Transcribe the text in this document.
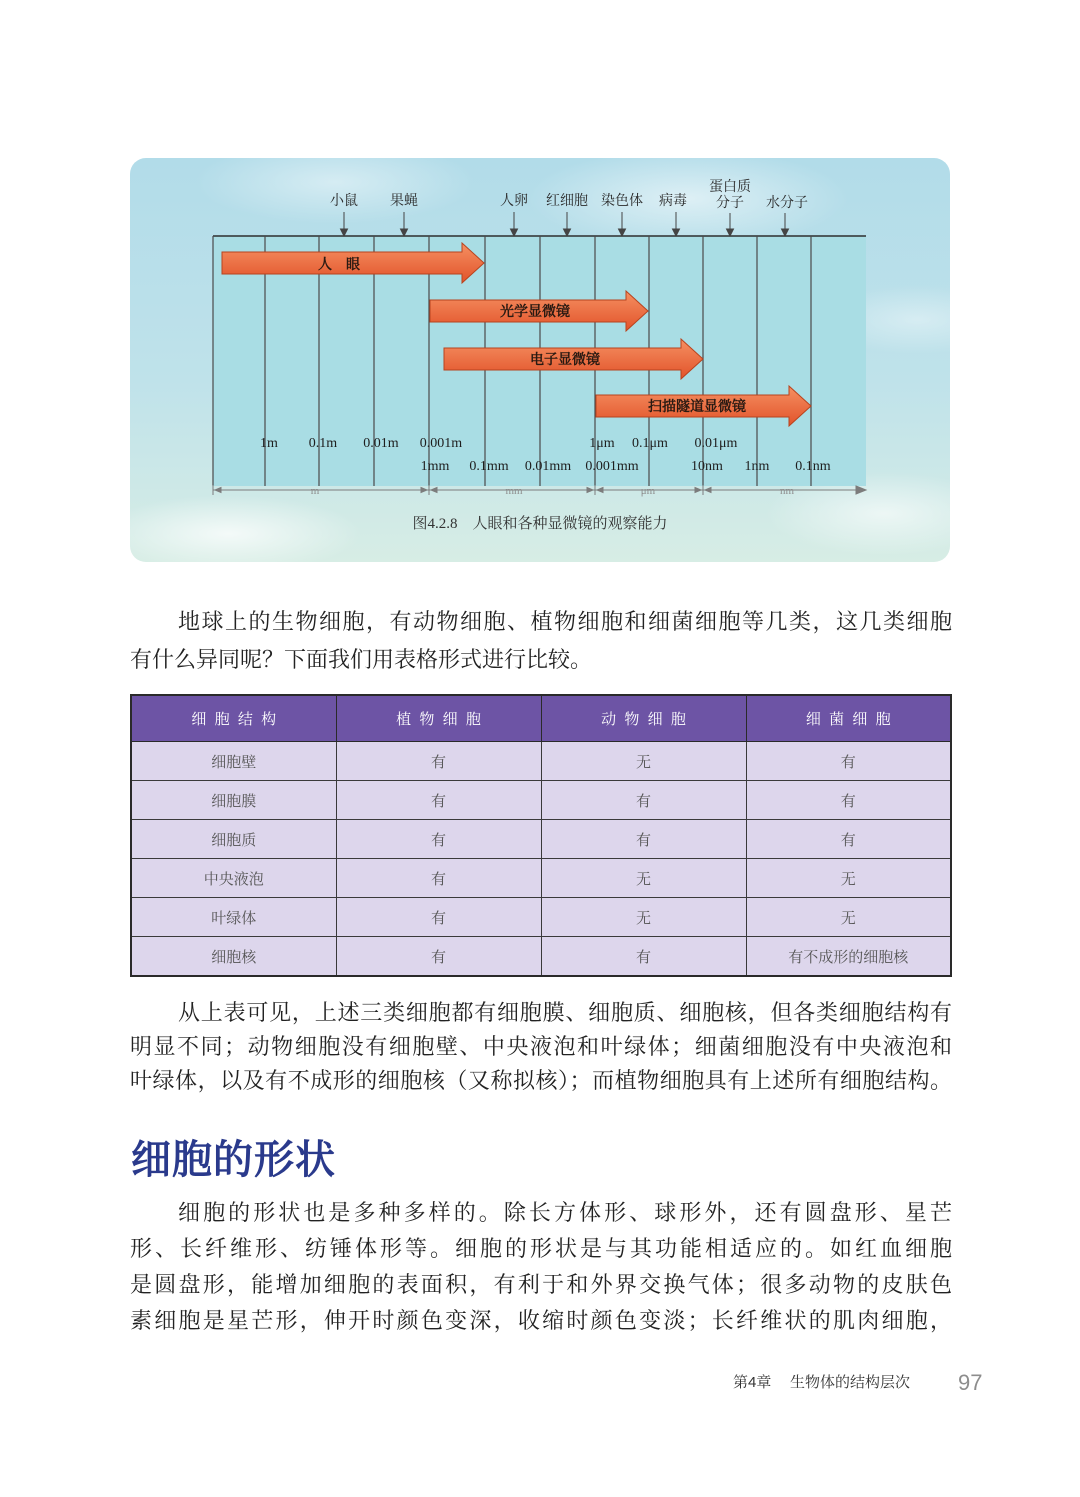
小鼠 果蝇	人卵 红细胞 染色体 病毒
蛋白质
分子 水分子
人眼
光学显微镜
电子显微镜
扫描隧道显微镜
1m 0.1m 0.01m 0.001m	1μm 0.1μm 0.01μm
1mm 0.1mm 0.01mm 0.001mm	10nm 1nm 0.1nm
m	mm	μm	nm
图4.2.8　人眼和各种显微镜的观察能力
地球上的生物细胞，有动物细胞、植物细胞和细菌细胞等几类，这几类细胞
有什么异同呢？下面我们用表格形式进行比较。
细胞结构	植物细胞	动物细胞	细菌细胞
细胞壁	有	无	有
细胞膜	有	有	有
细胞质	有	有	有
中央液泡	有	无	无
叶绿体	有	无	无
细胞核	有	有	有不成形的细胞核
从上表可见，上述三类细胞都有细胞膜、细胞质、细胞核，但各类细胞结构有
明显不同；动物细胞没有细胞壁、中央液泡和叶绿体；细菌细胞没有中央液泡和
叶绿体，以及有不成形的细胞核（又称拟核）；而植物细胞具有上述所有细胞结构。
细胞的形状
细胞的形状也是多种多样的。除长方体形、球形外，还有圆盘形、星芒
形、长纤维形、纺锤体形等。细胞的形状是与其功能相适应的。如红血细胞
是圆盘形，能增加细胞的表面积，有利于和外界交换气体；很多动物的皮肤色
素细胞是星芒形，伸开时颜色变深，收缩时颜色变淡；长纤维状的肌肉细胞，
第4章 生物体的结构层次 97
